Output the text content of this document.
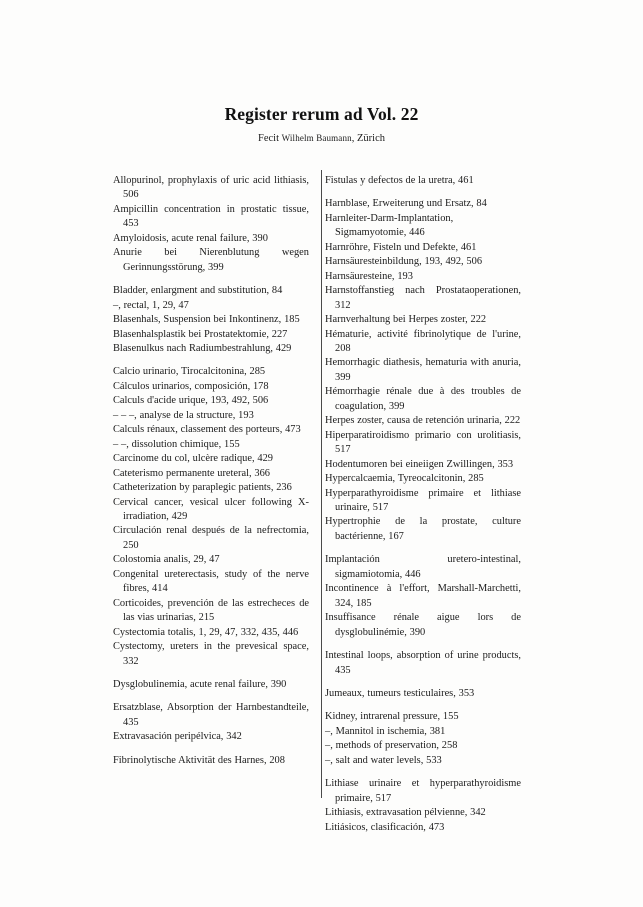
Register rerum ad Vol. 22
Fecit Wilhelm Baumann, Zürich

Allopurinol, prophylaxis of uric acid lithiasis, 506

Ampicillin concentration in prostatic tissue, 453

Amyloidosis, acute renal failure, 390

Anurie bei Nierenblutung wegen Gerinnungsstörung, 399

Bladder, enlargment and substitution, 84

–, rectal, 1, 29, 47

Blasenhals, Suspension bei Inkontinenz, 185

Blasenhalsplastik bei Prostatektomie, 227

Blasenulkus nach Radiumbestrahlung, 429

Calcio urinario, Tirocalcitonina, 285

Cálculos urinarios, composición, 178

Calculs d'acide urique, 193, 492, 506

– – –, analyse de la structure, 193

Calculs rénaux, classement des porteurs, 473

– –, dissolution chimique, 155

Carcinome du col, ulcère radique, 429

Cateterismo permanente ureteral, 366

Catheterization by paraplegic patients, 236

Cervical cancer, vesical ulcer following X-irradiation, 429

Circulación renal después de la nefrectomia, 250

Colostomia analis, 29, 47

Congenital ureterectasis, study of the nerve fibres, 414

Corticoides, prevención de las estrecheces de las vias urinarias, 215

Cystectomia totalis, 1, 29, 47, 332, 435, 446

Cystectomy, ureters in the prevesical space, 332

Dysglobulinemia, acute renal failure, 390

Ersatzblase, Absorption der Harnbestandteile, 435

Extravasación peripélvica, 342

Fibrinolytische Aktivität des Harnes, 208

Fistulas y defectos de la uretra, 461

Harnblase, Erweiterung und Ersatz, 84

Harnleiter-Darm-Implantation, Sigmamyotomie, 446

Harnröhre, Fisteln und Defekte, 461

Harnsäuresteinbildung, 193, 492, 506

Harnsäuresteine, 193

Harnstoffanstieg nach Prostataoperationen, 312

Harnverhaltung bei Herpes zoster, 222

Hématurie, activité fibrinolytique de l'urine, 208

Hemorrhagic diathesis, hematuria with anuria, 399

Hémorrhagie rénale due à des troubles de coagulation, 399

Herpes zoster, causa de retención urinaria, 222

Hiperparatiroidismo primario con urolitiasis, 517

Hodentumoren bei eineiigen Zwillingen, 353

Hypercalcaemia, Tyreocalcitonin, 285

Hyperparathyroidisme primaire et lithiase urinaire, 517

Hypertrophie de la prostate, culture bactérienne, 167

Implantación uretero-intestinal, sigmamiotomia, 446

Incontinence à l'effort, Marshall-Marchetti, 324, 185

Insuffisance rénale aigue lors de dysglobulinémie, 390

Intestinal loops, absorption of urine products, 435

Jumeaux, tumeurs testiculaires, 353

Kidney, intrarenal pressure, 155

–, Mannitol in ischemia, 381

–, methods of preservation, 258

–, salt and water levels, 533

Lithiase urinaire et hyperparathyroidisme primaire, 517

Lithiasis, extravasation pélvienne, 342

Litiásicos, clasificación, 473
